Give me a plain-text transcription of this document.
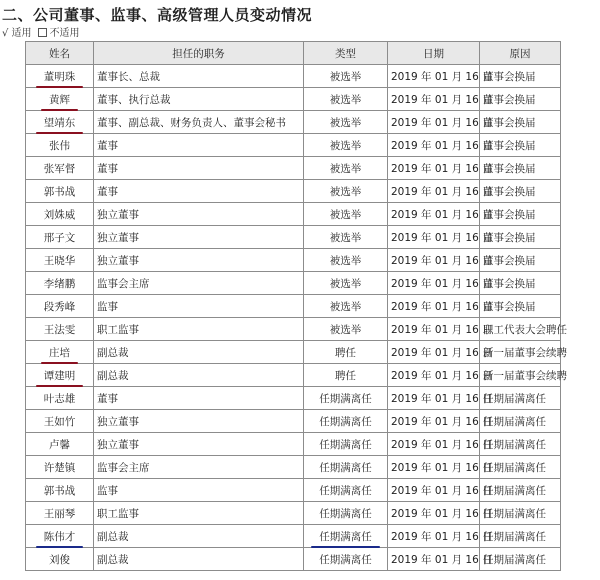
二、公司董事、监事、高级管理人员变动情况
√ 适用 不适用
姓名	担任的职务	类型	日期	原因
董明珠	董事长、总裁	被选举	2019 年 01 月 16 日	董事会换届
黄辉	董事、执行总裁	被选举	2019 年 01 月 16 日	董事会换届
望靖东	董事、副总裁、财务负责人、董事会秘书	被选举	2019 年 01 月 16 日	董事会换届
张伟	董事	被选举	2019 年 01 月 16 日	董事会换届
张军督	董事	被选举	2019 年 01 月 16 日	董事会换届
郭书战	董事	被选举	2019 年 01 月 16 日	董事会换届
刘姝威	独立董事	被选举	2019 年 01 月 16 日	董事会换届
邢子文	独立董事	被选举	2019 年 01 月 16 日	董事会换届
王晓华	独立董事	被选举	2019 年 01 月 16 日	董事会换届
李绪鹏	监事会主席	被选举	2019 年 01 月 16 日	董事会换届
段秀峰	监事	被选举	2019 年 01 月 16 日	董事会换届
王法雯	职工监事	被选举	2019 年 01 月 16 日	职工代表大会聘任
庄培	副总裁	聘任	2019 年 01 月 16 日	新一届董事会续聘
谭建明	副总裁	聘任	2019 年 01 月 16 日	新一届董事会续聘
叶志雄	董事	任期满离任	2019 年 01 月 16 日	任期届满离任
王如竹	独立董事	任期满离任	2019 年 01 月 16 日	任期届满离任
卢馨	独立董事	任期满离任	2019 年 01 月 16 日	任期届满离任
许楚镇	监事会主席	任期满离任	2019 年 01 月 16 日	任期届满离任
郭书战	监事	任期满离任	2019 年 01 月 16 日	任期届满离任
王丽琴	职工监事	任期满离任	2019 年 01 月 16 日	任期届满离任
陈伟才	副总裁	任期满离任	2019 年 01 月 16 日	任期届满离任
刘俊	副总裁	任期满离任	2019 年 01 月 16 日	任期届满离任
